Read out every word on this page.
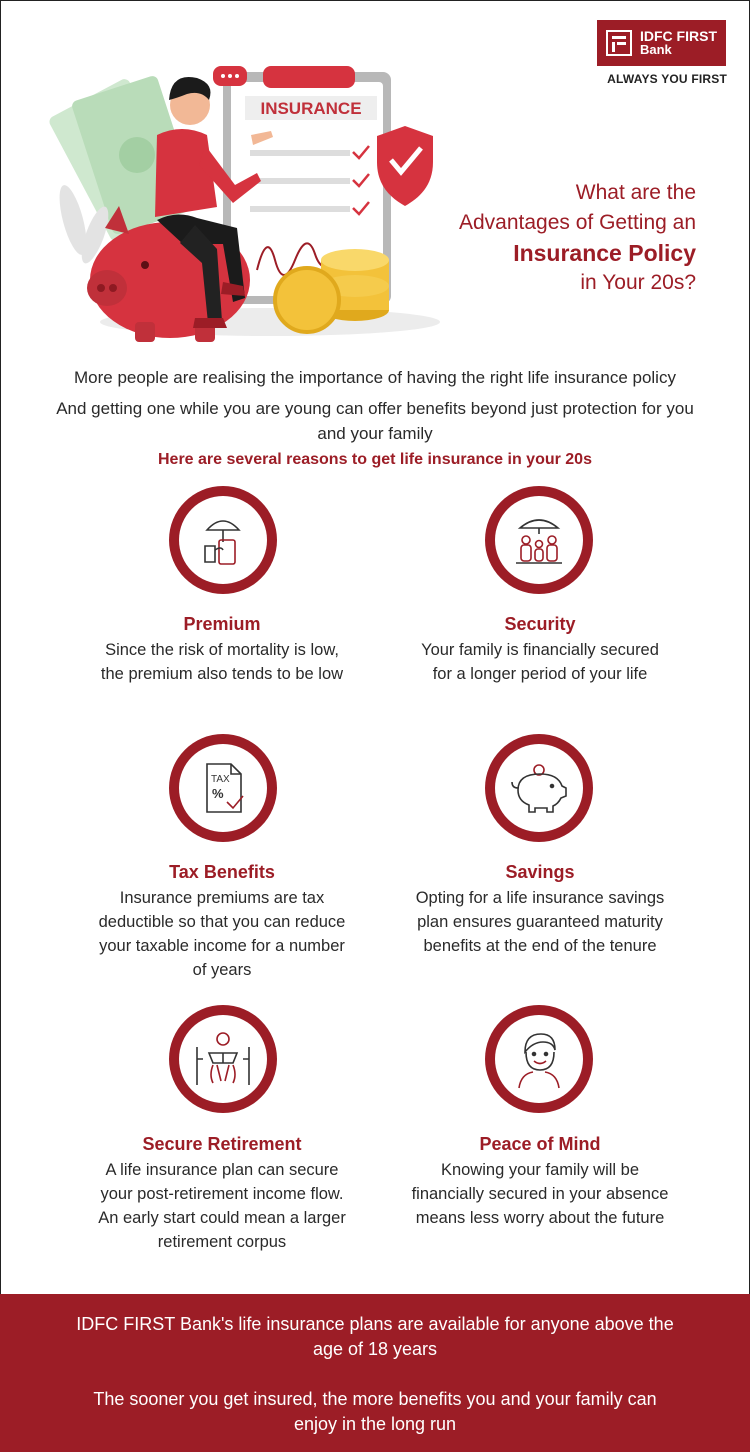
IDFC FIRST
Bank
ALWAYS YOU FIRST
INSURANCE
What are the
Advantages of Getting an
Insurance Policy
in Your 20s?

More people are realising the importance of having the right life insurance policy

And getting one while you are young can offer benefits beyond just protection for you and your family

Here are several reasons to get life insurance in your 20s
Premium
Since the risk of mortality is low, the premium also tends to be low
Security
Your family is financially secured for a longer period of your life
TAX
%
Tax Benefits
Insurance premiums are tax deductible so that you can reduce your taxable income for a number of years
Savings
Opting for a life insurance savings plan ensures guaranteed maturity benefits at the end of the tenure
Secure Retirement
A life insurance plan can secure your post-retirement income flow. An early start could mean a larger retirement corpus
Peace of Mind
Knowing your family will be financially secured in your absence means less worry about the future

IDFC FIRST Bank's life insurance plans are available for anyone above the age of 18 years

The sooner you get insured, the more benefits you and your family can enjoy in the long run
